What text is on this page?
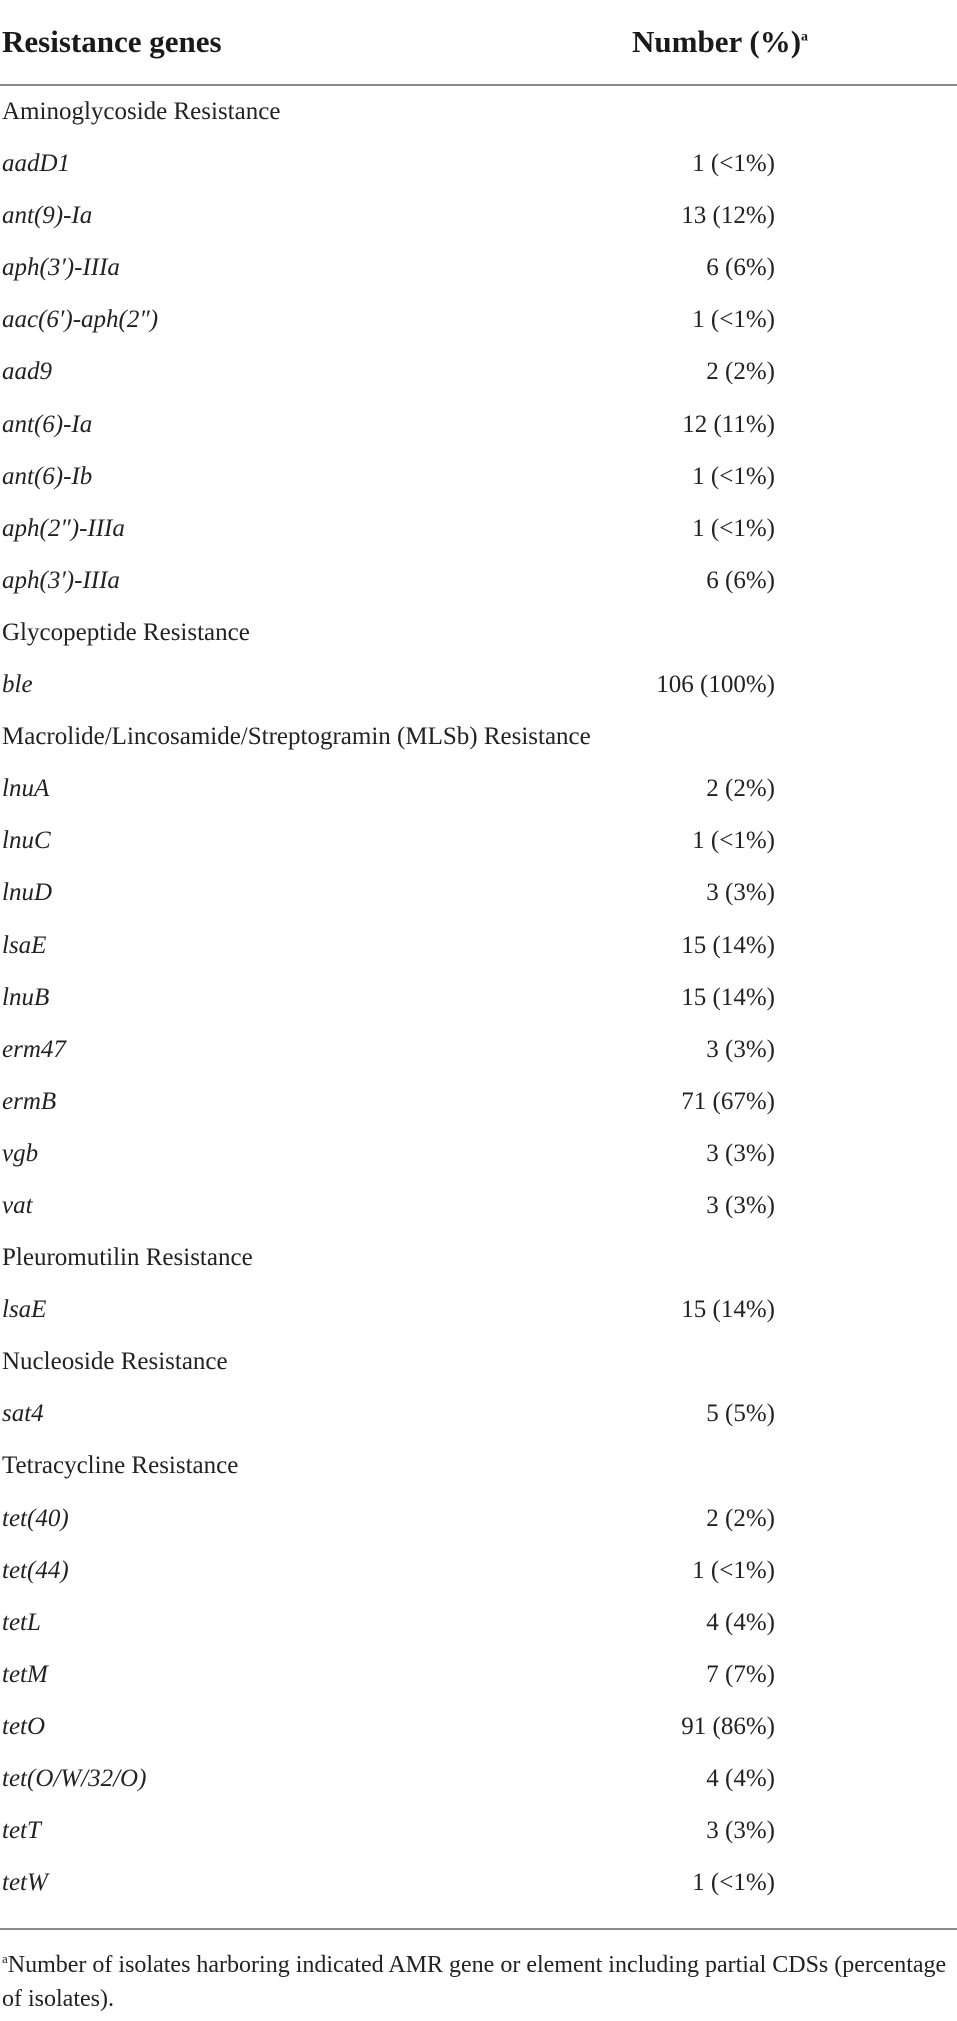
Resistance genes	Number (%)$^a$
Aminoglycoside Resistance
aadD1	1 (<1%)
ant(9)-Ia	13 (12%)
aph(3′)-IIIa	6 (6%)
aac(6′)-aph(2″)	1 (<1%)
aad9	2 (2%)
ant(6)-Ia	12 (11%)
ant(6)-Ib	1 (<1%)
aph(2″)-IIIa	1 (<1%)
aph(3′)-IIIa	6 (6%)
Glycopeptide Resistance
ble	106 (100%)
Macrolide/Lincosamide/Streptogramin (MLSb) Resistance
lnuA	2 (2%)
lnuC	1 (<1%)
lnuD	3 (3%)
lsaE	15 (14%)
lnuB	15 (14%)
erm47	3 (3%)
ermB	71 (67%)
vgb	3 (3%)
vat	3 (3%)
Pleuromutilin Resistance
lsaE	15 (14%)
Nucleoside Resistance
sat4	5 (5%)
Tetracycline Resistance
tet(40)	2 (2%)
tet(44)	1 (<1%)
tetL	4 (4%)
tetM	7 (7%)
tetO	91 (86%)
tet(O/W/32/O)	4 (4%)
tetT	3 (3%)
tetW	1 (<1%)
$^a$Number of isolates harboring indicated AMR gene or element including partial CDSs (percentage of isolates).
